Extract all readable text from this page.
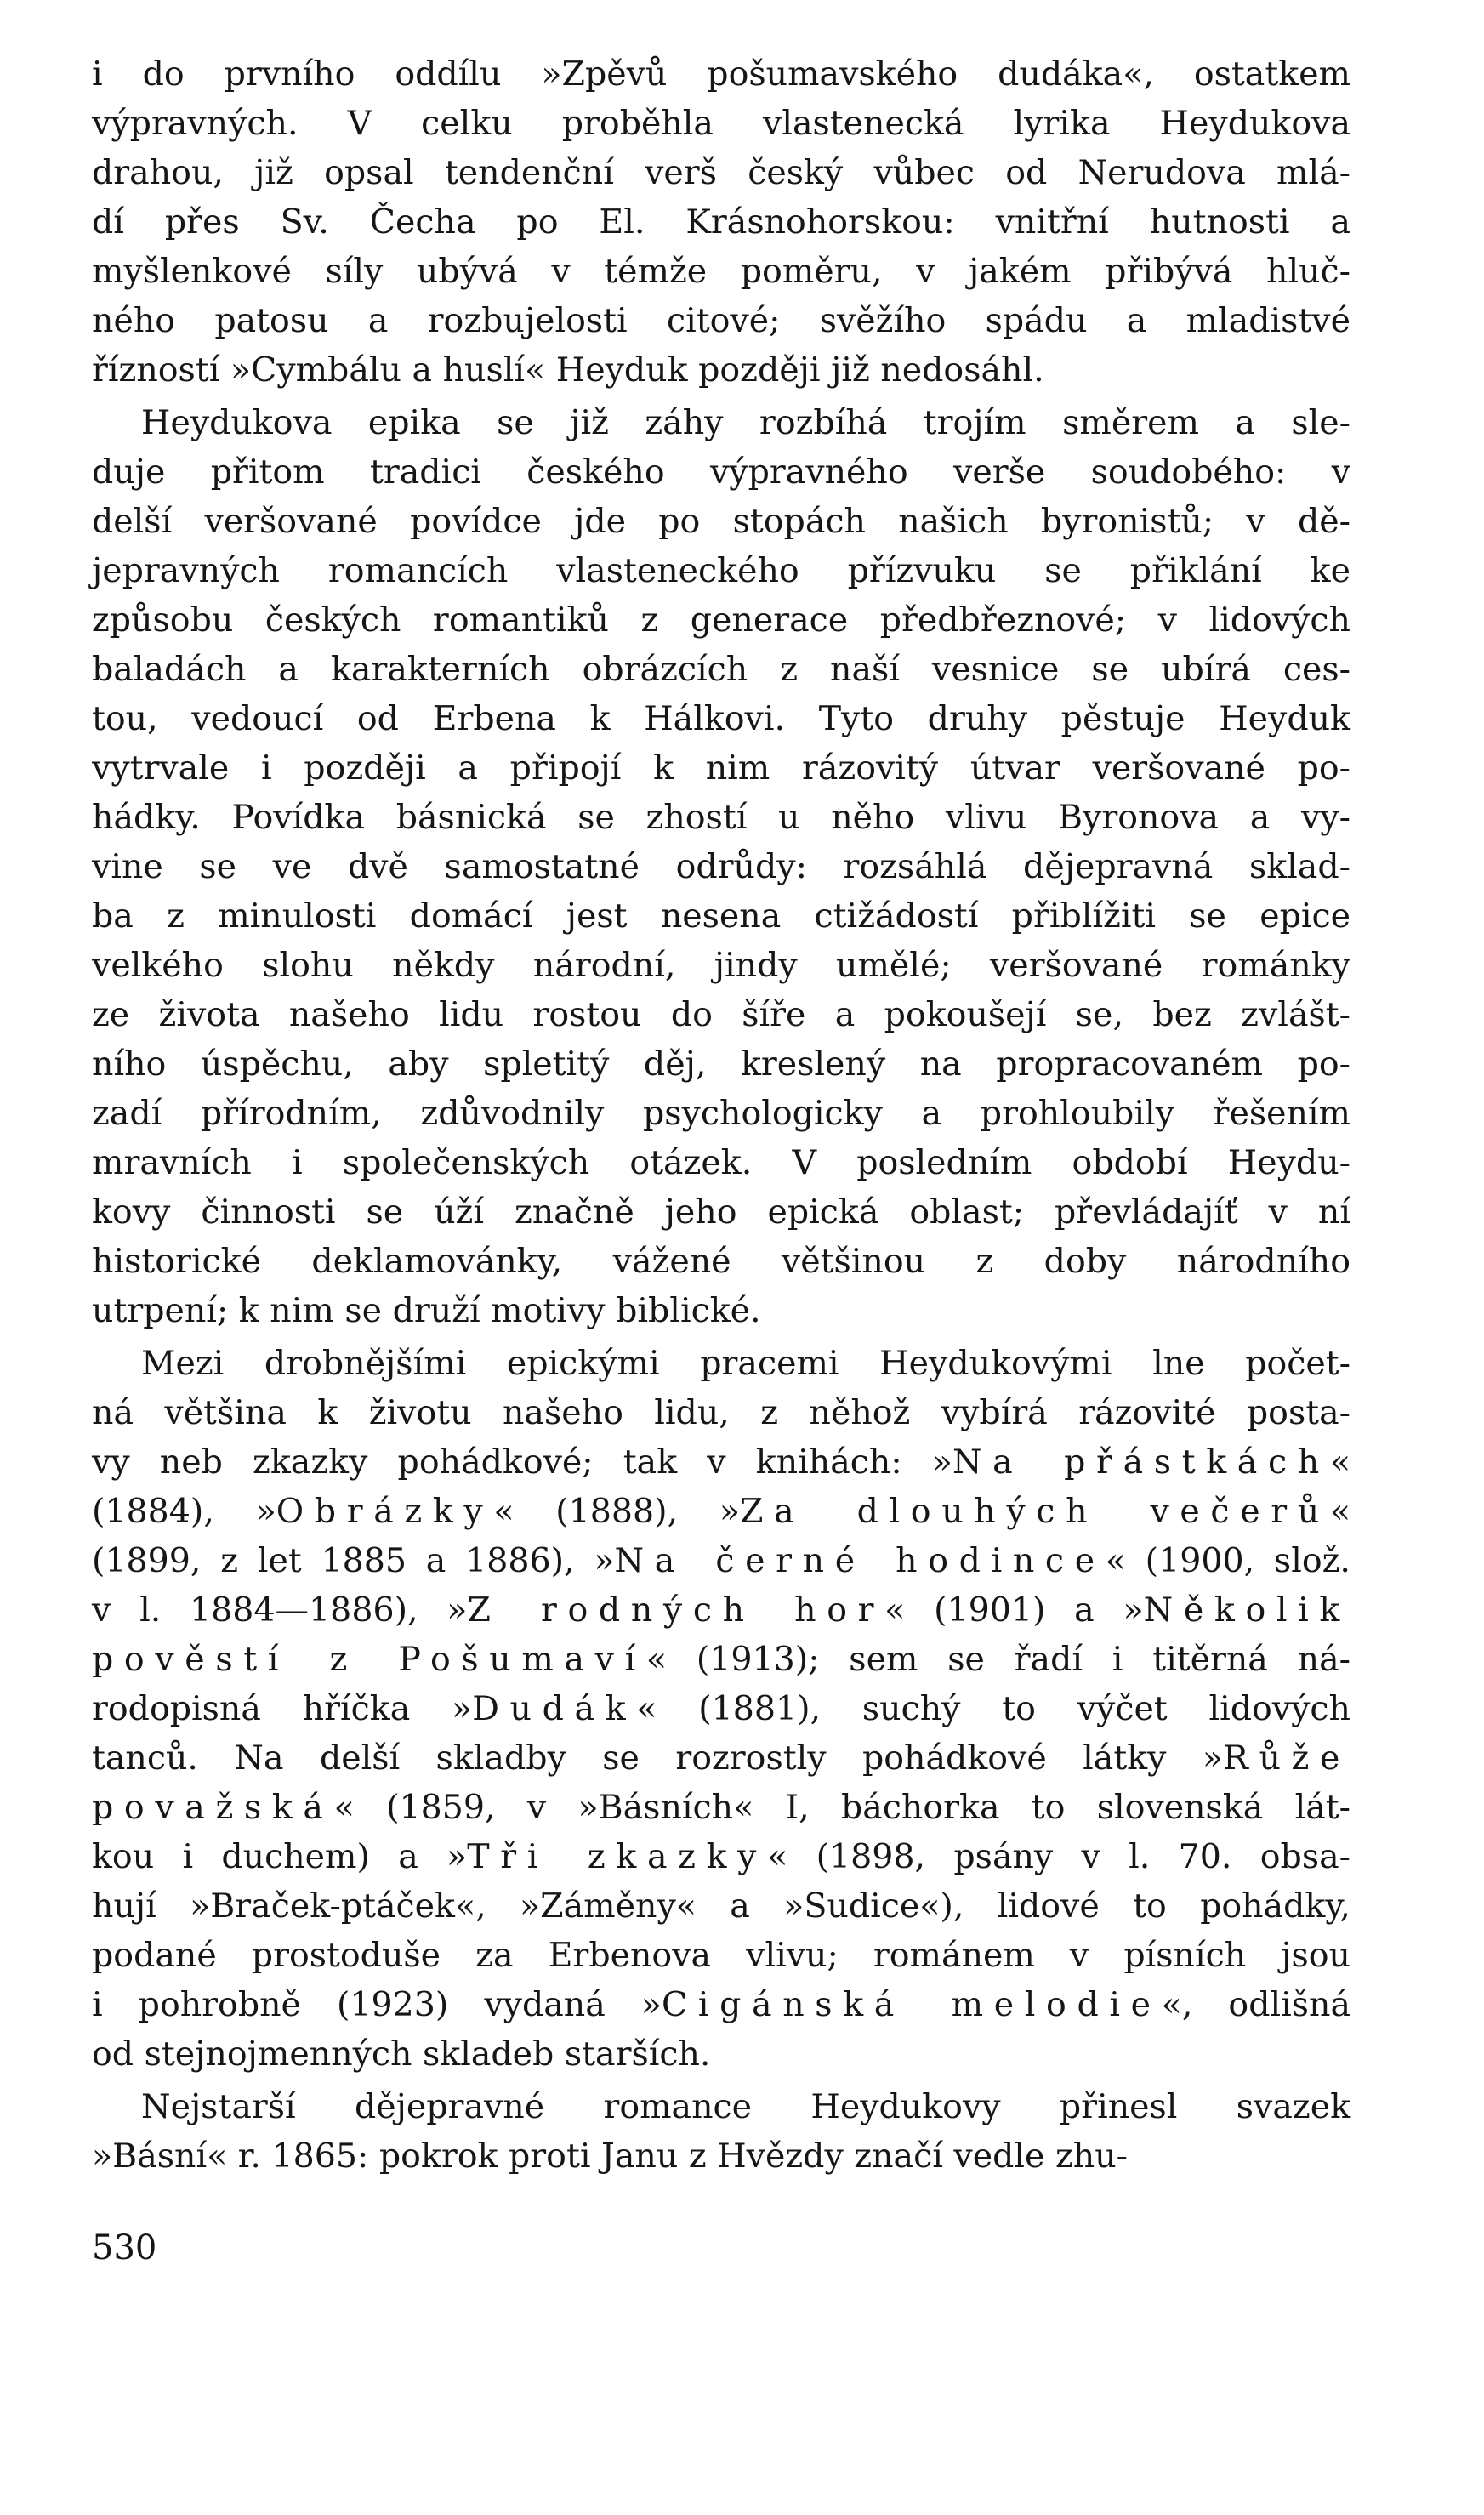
i do prvního oddílu »Zpěvů pošumavského dudáka«, ostatkem
výpravných. V celku proběhla vlastenecká lyrika Heydukova
drahou, již opsal tendenční verš český vůbec od Nerudova mlá-
dí přes Sv. Čecha po El. Krásnohorskou: vnitřní hutnosti a
myšlenkové síly ubývá v témže poměru, v jakém přibývá hluč-
ného patosu a rozbujelosti citové; svěžího spádu a mladistvé
řízností »Cymbálu a huslí« Heyduk později již nedosáhl.
Heydukova epika se již záhy rozbíhá trojím směrem a sle-
duje přitom tradici českého výpravného verše soudobého: v
delší veršované povídce jde po stopách našich byronistů; v dě-
jepravných romancích vlasteneckého přízvuku se přiklání ke
způsobu českých romantiků z generace předbřeznové; v lidových
baladách a karakterních obrázcích z naší vesnice se ubírá ces-
tou, vedoucí od Erbena k Hálkovi. Tyto druhy pěstuje Heyduk
vytrvale i později a připojí k nim rázovitý útvar veršované po-
hádky. Povídka básnická se zhostí u něho vlivu Byronova a vy-
vine se ve dvě samostatné odrůdy: rozsáhlá dějepravná sklad-
ba z minulosti domácí jest nesena ctižádostí přiblížiti se epice
velkého slohu někdy národní, jindy umělé; veršované románky
ze života našeho lidu rostou do šíře a pokoušejí se, bez zvlášt-
ního úspěchu, aby spletitý děj, kreslený na propracovaném po-
zadí přírodním, zdůvodnily psychologicky a prohloubily řešením
mravních i společenských otázek. V posledním období Heydu-
kovy činnosti se úží značně jeho epická oblast; převládajíť v ní
historické deklamovánky, vážené většinou z doby národního
utrpení; k nim se druží motivy biblické.
Mezi drobnějšími epickými pracemi Heydukovými lne počet-
ná většina k životu našeho lidu, z něhož vybírá rázovité posta-
vy neb zkazky pohádkové; tak v knihách: »Na přástkách«
(1884), »Obrázky« (1888), »Za dlouhých večerů«
(1899, z let 1885 a 1886), »Na černé hodince« (1900, slož.
v l. 1884—1886), »Z rodných hor« (1901) a »Několik
pověstí z Pošumaví« (1913); sem se řadí i titěrná ná-
rodopisná hříčka »Dudák« (1881), suchý to výčet lidových
tanců. Na delší skladby se rozrostly pohádkové látky »Růže
považská« (1859, v »Básních« I, báchorka to slovenská lát-
kou i duchem) a »Tři zkazky« (1898, psány v l. 70. obsa-
hují »Braček-ptáček«, »Záměny« a »Sudice«), lidové to pohádky,
podané prostoduše za Erbenova vlivu; románem v písních jsou
i pohrobně (1923) vydaná »Cigánská melodie«, odlišná
od stejnojmenných skladeb starších.
Nejstarší dějepravné romance Heydukovy přinesl svazek
»Básní« r. 1865: pokrok proti Janu z Hvězdy značí vedle zhu-
530
